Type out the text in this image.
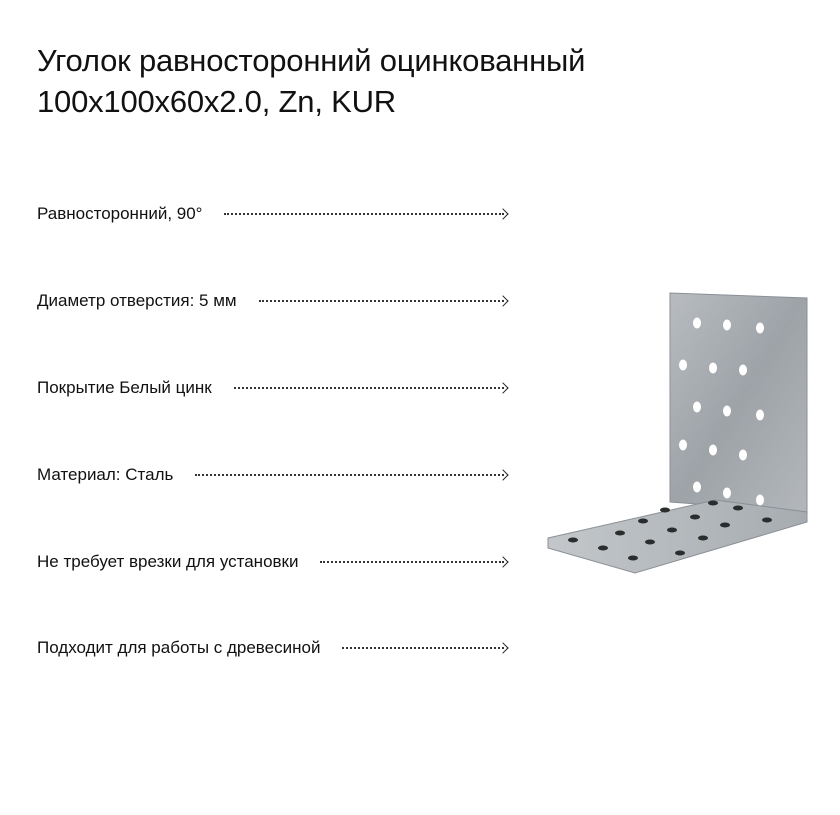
Уголок равносторонний оцинкованный
100x100x60x2.0, Zn, KUR
Равносторонний, 90°
Диаметр отверстия: 5 мм
Покрытие Белый цинк
Материал: Сталь
Не требует врезки для установки
Подходит для работы с древесиной
